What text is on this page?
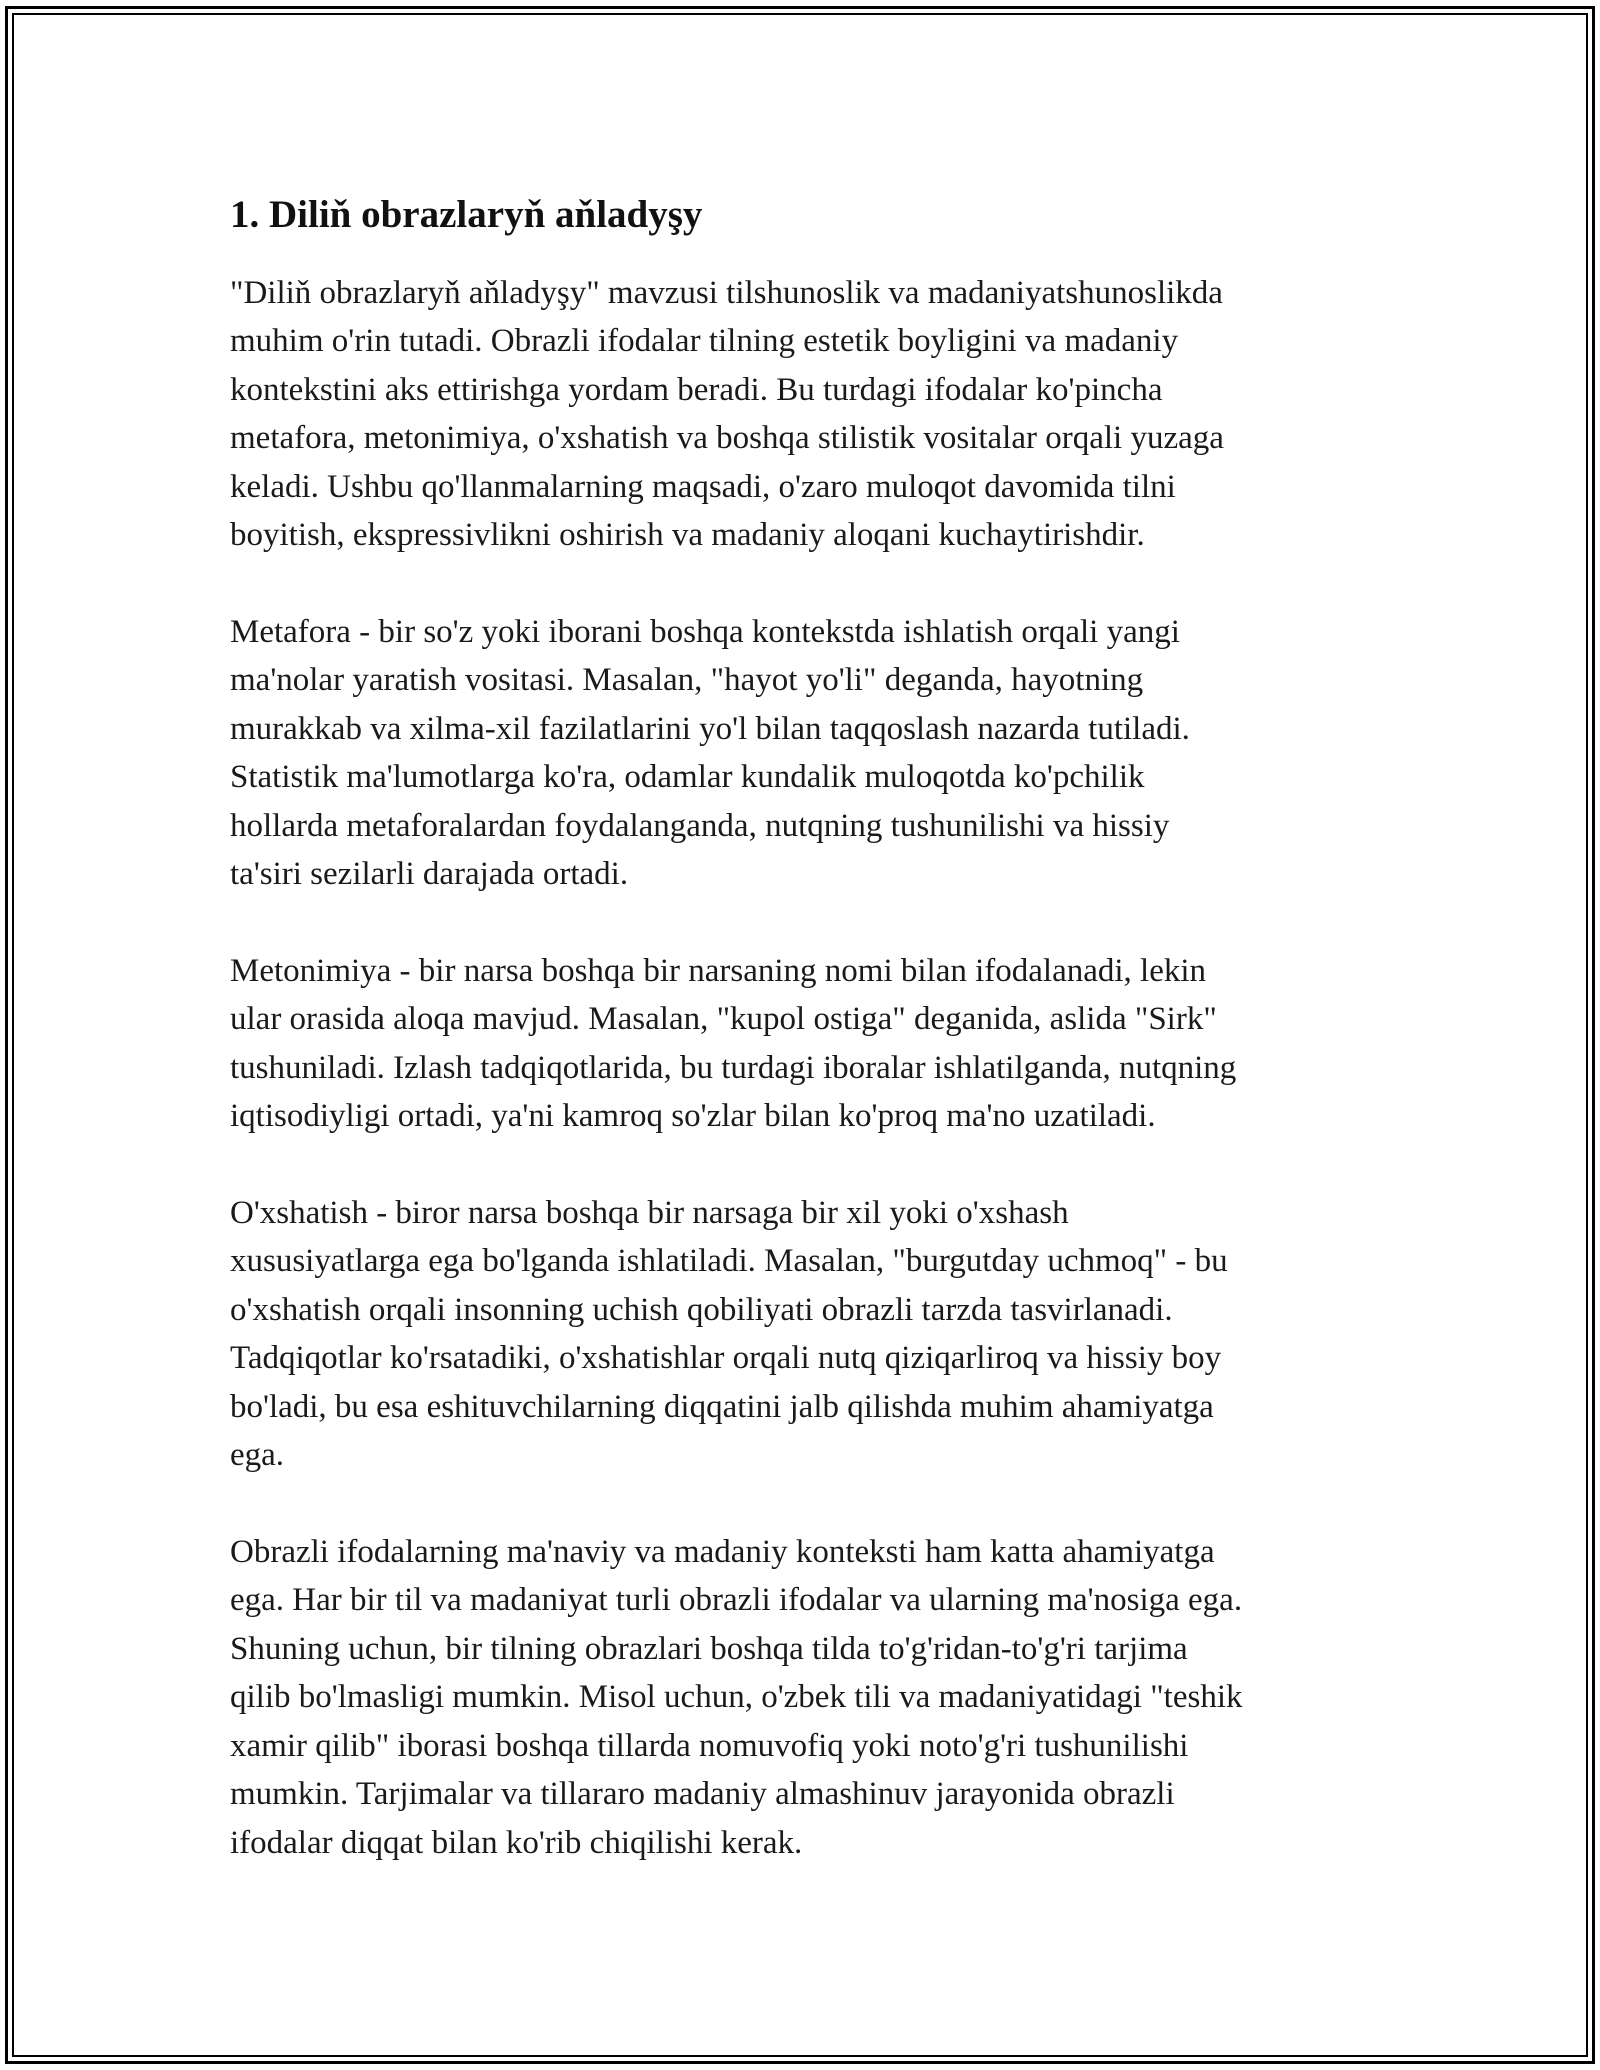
1. Diliň obrazlaryň aňladyşy

"Diliň obrazlaryň aňladyşy" mavzusi tilshunoslik va madaniyatshunoslikda
muhim o'rin tutadi. Obrazli ifodalar tilning estetik boyligini va madaniy
kontekstini aks ettirishga yordam beradi. Bu turdagi ifodalar ko'pincha
metafora, metonimiya, o'xshatish va boshqa stilistik vositalar orqali yuzaga
keladi. Ushbu qo'llanmalarning maqsadi, o'zaro muloqot davomida tilni
boyitish, ekspressivlikni oshirish va madaniy aloqani kuchaytirishdir.

Metafora - bir so'z yoki iborani boshqa kontekstda ishlatish orqali yangi
ma'nolar yaratish vositasi. Masalan, "hayot yo'li" deganda, hayotning
murakkab va xilma-xil fazilatlarini yo'l bilan taqqoslash nazarda tutiladi.
Statistik ma'lumotlarga ko'ra, odamlar kundalik muloqotda ko'pchilik
hollarda metaforalardan foydalanganda, nutqning tushunilishi va hissiy
ta'siri sezilarli darajada ortadi.

Metonimiya - bir narsa boshqa bir narsaning nomi bilan ifodalanadi, lekin
ular orasida aloqa mavjud. Masalan, "kupol ostiga" deganida, aslida "Sirk"
tushuniladi. Izlash tadqiqotlarida, bu turdagi iboralar ishlatilganda, nutqning
iqtisodiyligi ortadi, ya'ni kamroq so'zlar bilan ko'proq ma'no uzatiladi.

O'xshatish - biror narsa boshqa bir narsaga bir xil yoki o'xshash
xususiyatlarga ega bo'lganda ishlatiladi. Masalan, "burgutday uchmoq" - bu
o'xshatish orqali insonning uchish qobiliyati obrazli tarzda tasvirlanadi.
Tadqiqotlar ko'rsatadiki, o'xshatishlar orqali nutq qiziqarliroq va hissiy boy
bo'ladi, bu esa eshituvchilarning diqqatini jalb qilishda muhim ahamiyatga
ega.

Obrazli ifodalarning ma'naviy va madaniy konteksti ham katta ahamiyatga
ega. Har bir til va madaniyat turli obrazli ifodalar va ularning ma'nosiga ega.
Shuning uchun, bir tilning obrazlari boshqa tilda to'g'ridan-to'g'ri tarjima
qilib bo'lmasligi mumkin. Misol uchun, o'zbek tili va madaniyatidagi "teshik
xamir qilib" iborasi boshqa tillarda nomuvofiq yoki noto'g'ri tushunilishi
mumkin. Tarjimalar va tillararo madaniy almashinuv jarayonida obrazli
ifodalar diqqat bilan ko'rib chiqilishi kerak.
